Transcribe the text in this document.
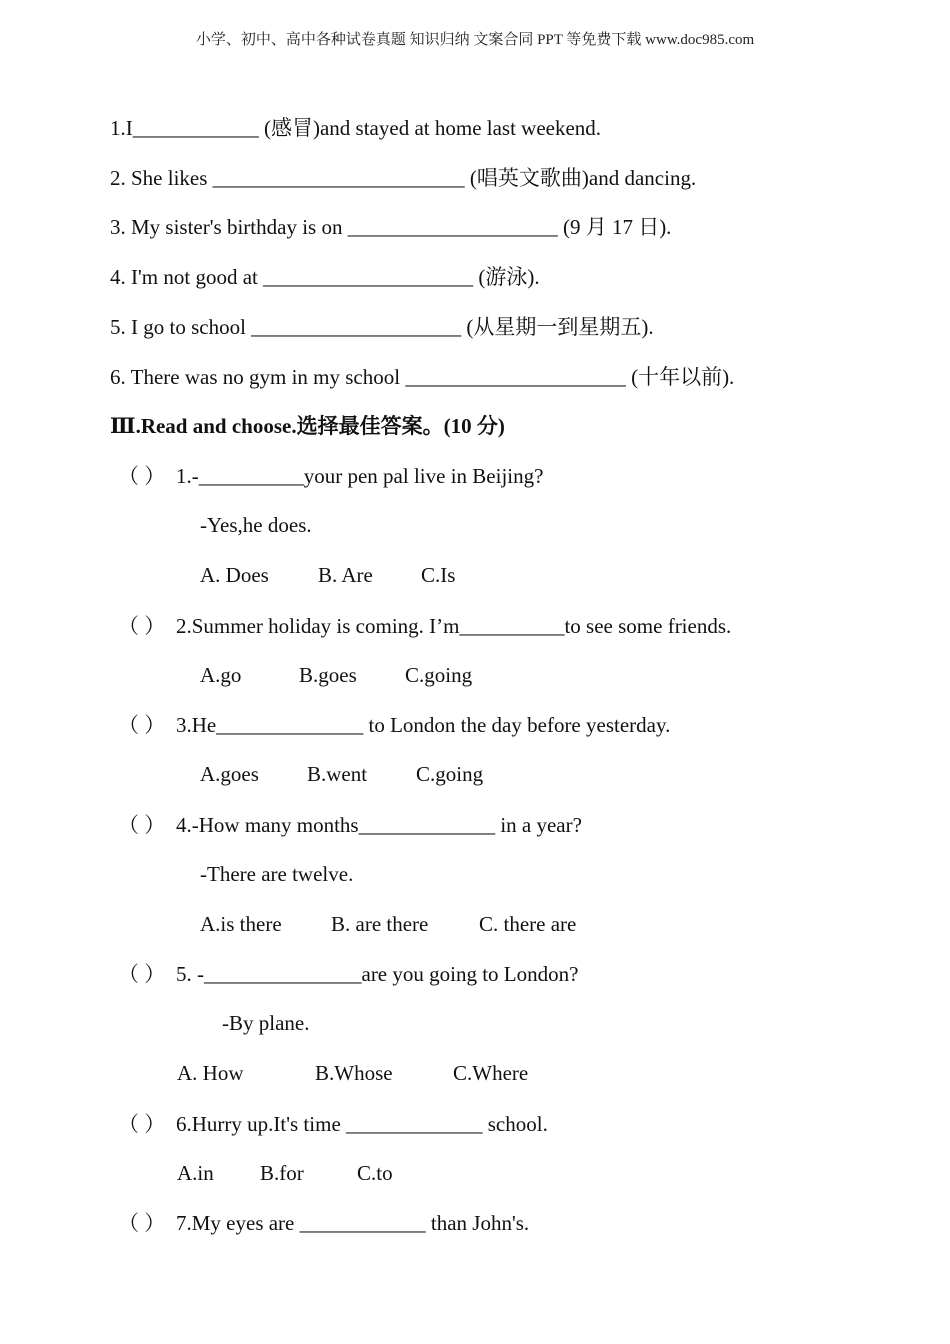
小学、初中、高中各种试卷真题 知识归纳 文案合同 PPT 等免费下载 www.doc985.com
1.I____________ (感冒)and stayed at home last weekend.
2. She likes ________________________ (唱英文歌曲)and dancing.
3. My sister's birthday is on ____________________ (9 月 17 日).
4. I'm not good at ____________________ (游泳).
5. I go to school ____________________ (从星期一到星期五).
6. There was no gym in my school _____________________ (十年以前).
Ⅲ.Read and choose.选择最佳答案。(10 分)
（ ） 1.-__________your pen pal live in Beijing?
-Yes,he does.
A. Does B. Are C.Is
（ ） 2.Summer holiday is coming. I’m__________to see some friends.
A.go	B.goes C.going
（ ） 3.He______________ to London the day before yesterday.
A.goes B.went C.going
（ ） 4.-How many months_____________ in a year?
-There are twelve.
A.is there B. are there C. there are
（ ） 5. -_______________are you going to London?
-By plane.
A. How	B.Whose	C.Where
（ ） 6.Hurry up.It's time _____________ school.
A.in B.for	C.to
（ ） 7.My eyes are ____________ than John's.
